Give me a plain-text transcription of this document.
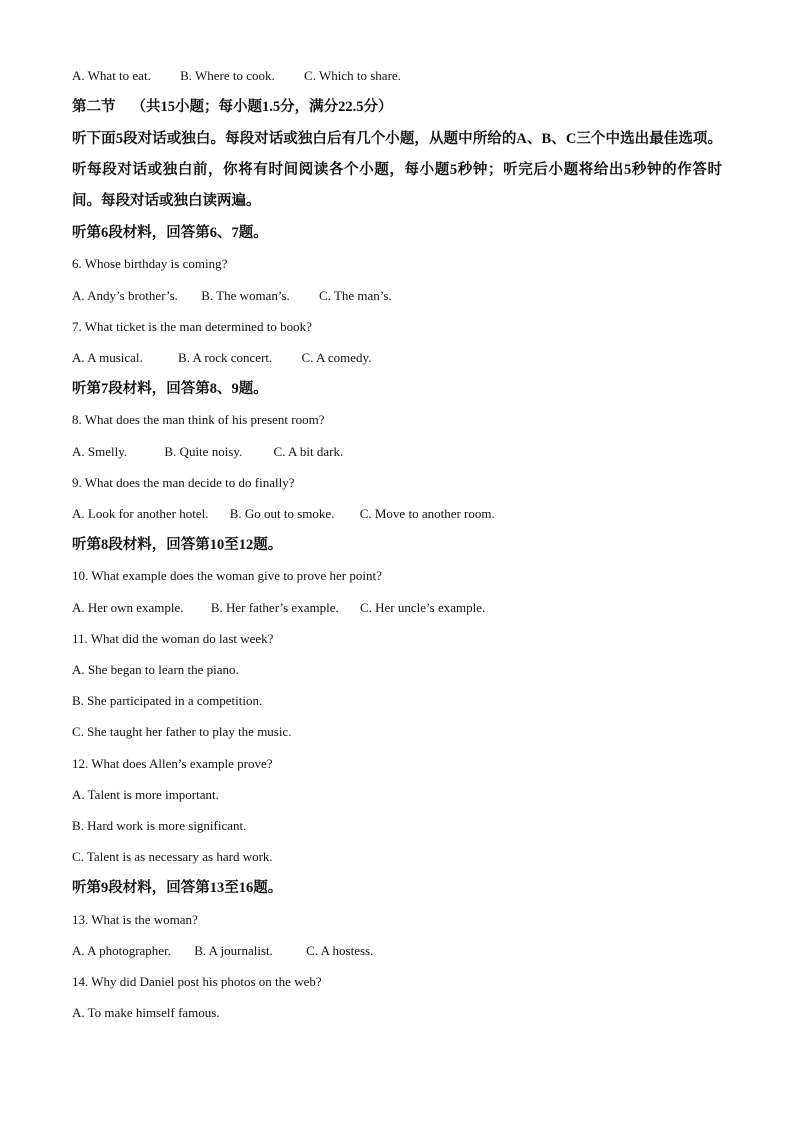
A. What to eat. B. Where to cook. C. Which to share.
第二节 （共15小题；每小题1.5分，满分22.5分）
听下面5段对话或独白。每段对话或独白后有几个小题，从题中所给的A、B、C三个中选出最佳选项。听每段对话或独白前，你将有时间阅读各个小题，每小题5秒钟；听完后小题将给出5秒钟的作答时间。每段对话或独白读两遍。
听第6段材料，回答第6、7题。
6. Whose birthday is coming?
A. Andy’s brother’s. B. The woman’s. C. The man’s.
7. What ticket is the man determined to book?
A. A musical.	B. A rock concert. C. A comedy.
听第7段材料，回答第8、9题。
8. What does the man think of his present room?
A. Smelly.	B. Quite noisy. C. A bit dark.
9. What does the man decide to do finally?
A. Look for another hotel. B. Go out to smoke. C. Move to another room.
听第8段材料，回答第10至12题。
10. What example does the woman give to prove her point?
A. Her own example. B. Her father’s example. C. Her uncle’s example.
11. What did the woman do last week?
A. She began to learn the piano.
B. She participated in a competition.
C. She taught her father to play the music.
12. What does Allen’s example prove?
A. Talent is more important.
B. Hard work is more significant.
C. Talent is as necessary as hard work.
听第9段材料，回答第13至16题。
13. What is the woman?
A. A photographer. B. A journalist.	C. A hostess.
14. Why did Daniel post his photos on the web?
A. To make himself famous.
